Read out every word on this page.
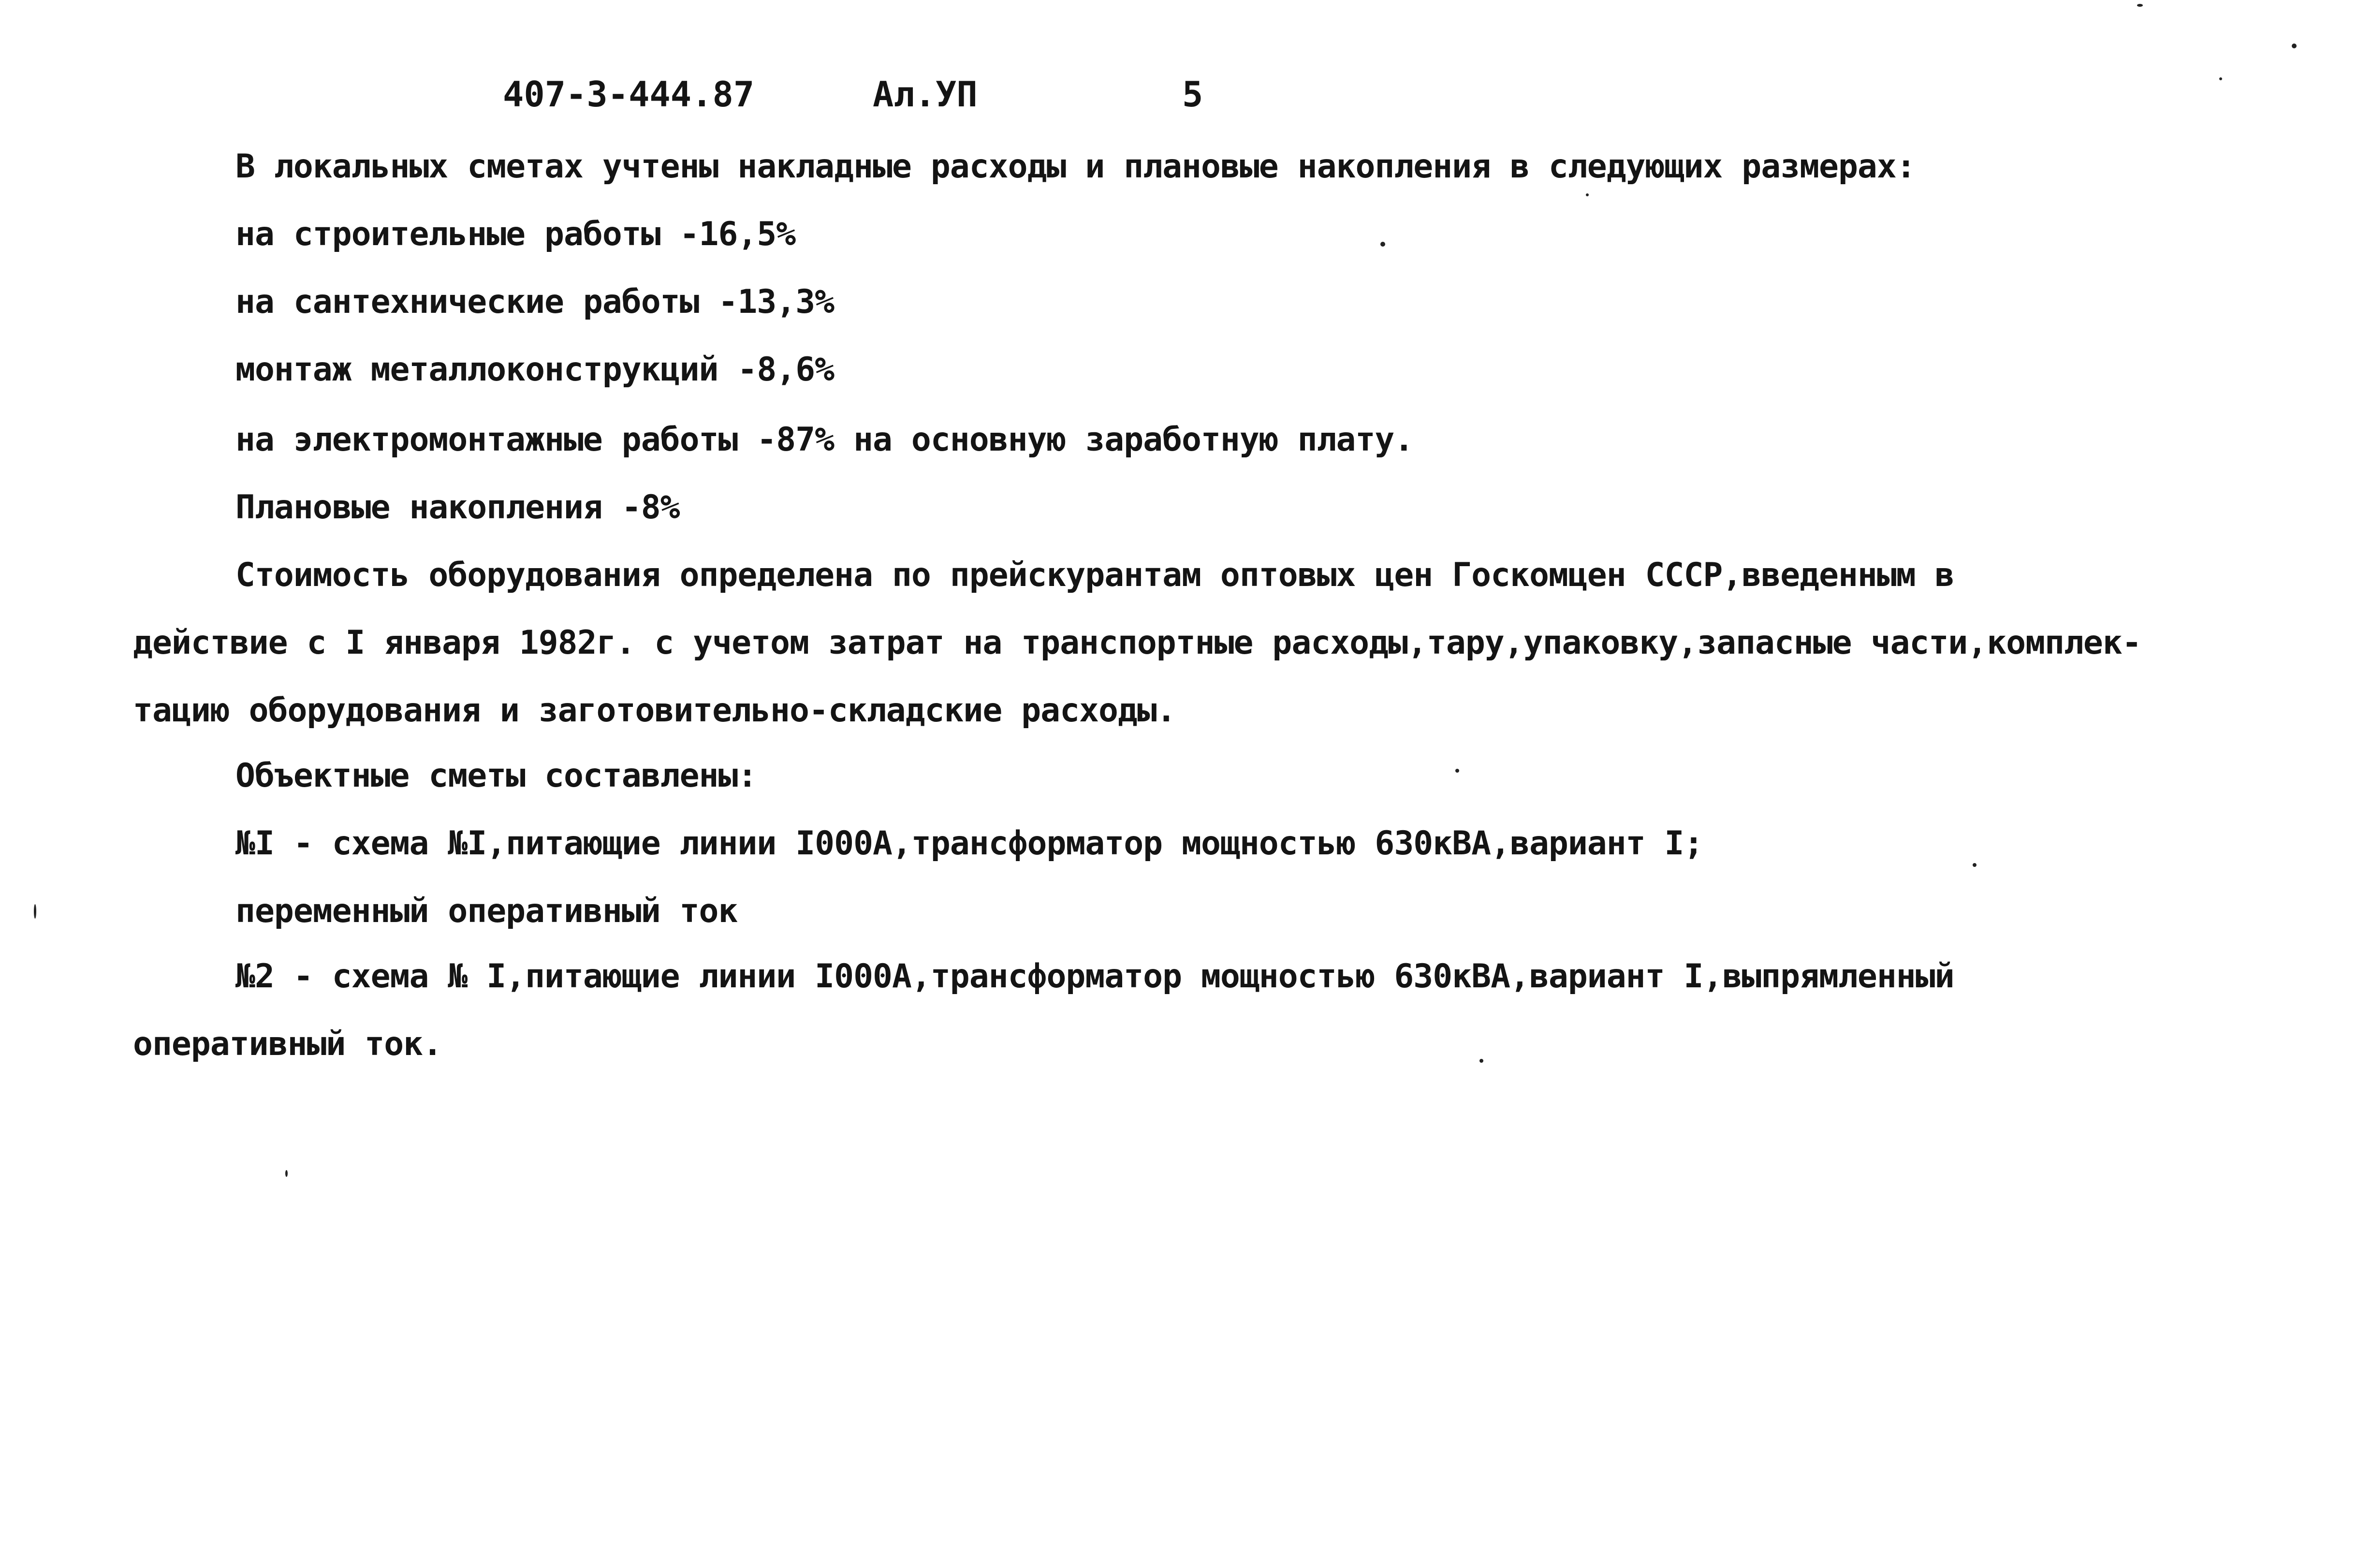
407-3-444.87	Ал.УП	5
В локальных сметах учтены накладные расходы и плановые накопления в следующих размерах:
на строительные работы -16,5%
на сантехнические работы -13,3%
монтаж металлоконструкций -8,6%
на электромонтажные работы -87% на основную заработную плату.
Плановые накопления -8%
Стоимость оборудования определена по прейскурантам оптовых цен Госкомцен СССР,введенным в
действие с I января 1982г. с учетом затрат на транспортные расходы,тару,упаковку,запасные части,комплек-
тацию оборудования и заготовительно-складские расходы.
Объектные сметы составлены:
№I - схема №I,питающие линии I000А,трансформатор мощностью 630кВА,вариант I;
переменный оперативный ток
№2 - схема № I,питающие линии I000А,трансформатор мощностью 630кВА,вариант I,выпрямленный
оперативный ток.
